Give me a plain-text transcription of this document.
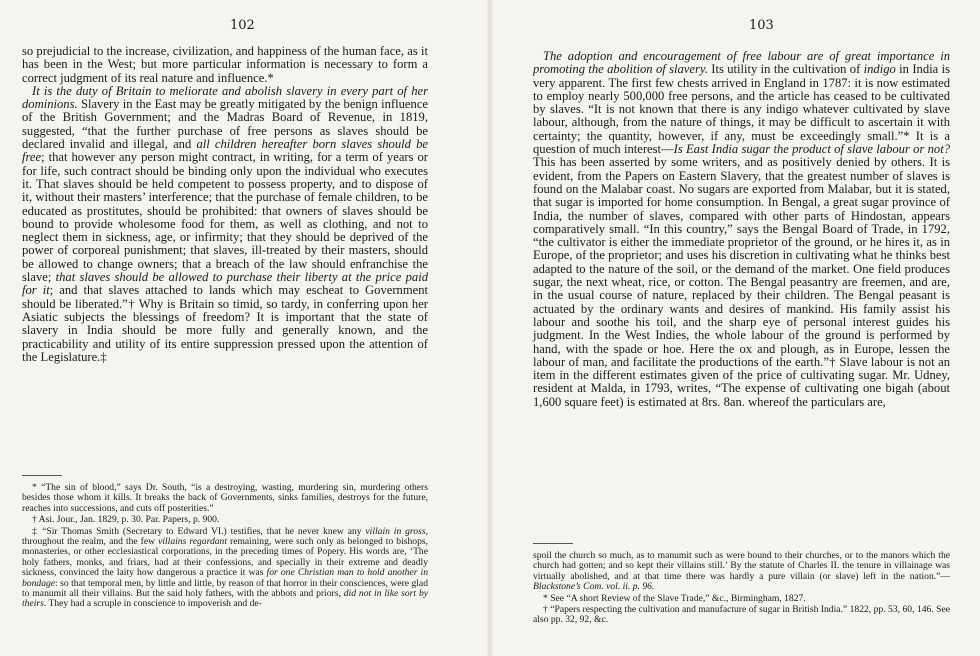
102

so prejudicial to the increase, civilization, and happiness of the human face, as it has been in the West; but more particular information is necessary to form a correct judgment of its real nature and influence.*
It is the duty of Britain to meliorate and abolish slavery in every part of her dominions. Slavery in the East may be greatly mitigated by the benign influence of the British Government; and the Madras Board of Revenue, in 1819, suggested, “that the further purchase of free persons as slaves should be declared invalid and illegal, and all children hereafter born slaves should be free; that however any person might contract, in writing, for a term of years or for life, such contract should be binding only upon the individual who executes it. That slaves should be held competent to possess property, and to dispose of it, without their masters’ interference; that the purchase of female children, to be educated as prostitutes, should be prohibited: that owners of slaves should be bound to provide wholesome food for them, as well as clothing, and not to neglect them in sickness, age, or infirmity; that they should be deprived of the power of corporeal punishment; that slaves, ill-treated by their masters, should be allowed to change owners; that a breach of the law should enfranchise the slave; that slaves should be allowed to purchase their liberty at the price paid for it; and that slaves attached to lands which may escheat to Government should be liberated.”† Why is Britain so timid, so tardy, in conferring upon her Asiatic subjects the blessings of freedom? It is important that the state of slavery in India should be more fully and generally known, and the practicability and utility of its entire suppression pressed upon the attention of the Legislature.‡

* “The sin of blood,” says Dr. South, “is a destroying, wasting, murdering sin, murdering others besides those whom it kills. It breaks the back of Governments, sinks families, destroys for the future, reaches into successions, and cuts off posterities.”

† Asi. Jour., Jan. 1829, p. 30. Par. Papers, p. 900.

‡ “Sir Thomas Smith (Secretary to Edward VI.) testifies, that he never knew any villain in gross, throughout the realm, and the few villains regardant remaining, were such only as belonged to bishops, monasteries, or other ecclesiastical corporations, in the preceding times of Popery. His words are, ‘The holy fathers, monks, and friars, had at their confessions, and specially in their extreme and deadly sickness, convinced the laity how dangerous a practice it was for one Christian man to hold another in bondage: so that temporal men, by little and little, by reason of that horror in their consciences, were glad to manumit all their villains. But the said holy fathers, with the abbots and priors, did not in like sort by theirs. They had a scruple in conscience to impoverish and de-

103

The adoption and encouragement of free labour are of great importance in promoting the abolition of slavery. Its utility in the cultivation of indigo in India is very apparent. The first few chests arrived in England in 1787: it is now estimated to employ nearly 500,000 free persons, and the article has ceased to be cultivated by slaves. “It is not known that there is any indigo whatever cultivated by slave labour, although, from the nature of things, it may be difficult to ascertain it with certainty; the quantity, however, if any, must be exceedingly small.”* It is a question of much interest—Is East India sugar the product of slave labour or not? This has been asserted by some writers, and as positively denied by others. It is evident, from the Papers on Eastern Slavery, that the greatest number of slaves is found on the Malabar coast. No sugars are exported from Malabar, but it is stated, that sugar is imported for home consumption. In Bengal, a great sugar province of India, the number of slaves, compared with other parts of Hindostan, appears comparatively small. “In this country,” says the Bengal Board of Trade, in 1792, “the cultivator is either the immediate proprietor of the ground, or he hires it, as in Europe, of the proprietor; and uses his discretion in cultivating what he thinks best adapted to the nature of the soil, or the demand of the market. One field produces sugar, the next wheat, rice, or cotton. The Bengal peasantry are freemen, and are, in the usual course of nature, replaced by their children. The Bengal peasant is actuated by the ordinary wants and desires of mankind. His family assist his labour and soothe his toil, and the sharp eye of personal interest guides his judgment. In the West Indies, the whole labour of the ground is performed by hand, with the spade or hoe. Here the ox and plough, as in Europe, lessen the labour of man, and facilitate the productions of the earth.”† Slave labour is not an item in the different estimates given of the price of cultivating sugar. Mr. Udney, resident at Malda, in 1793, writes, “The expense of cultivating one bigah (about 1,600 square feet) is estimated at 8rs. 8an. whereof the particulars are,

spoil the church so much, as to manumit such as were bound to their churches, or to the manors which the church had gotten; and so kept their villains still.’ By the statute of Charles II. the tenure in villainage was virtually abolished, and at that time there was hardly a pure villain (or slave) left in the nation.”—Blackstone’s Com. vol. ii. p. 96.

* See “A short Review of the Slave Trade,” &c., Birmingham, 1827.

† “Papers respecting the cultivation and manufacture of sugar in British India.” 1822, pp. 53, 60, 146. See also pp. 32, 92, &c.
